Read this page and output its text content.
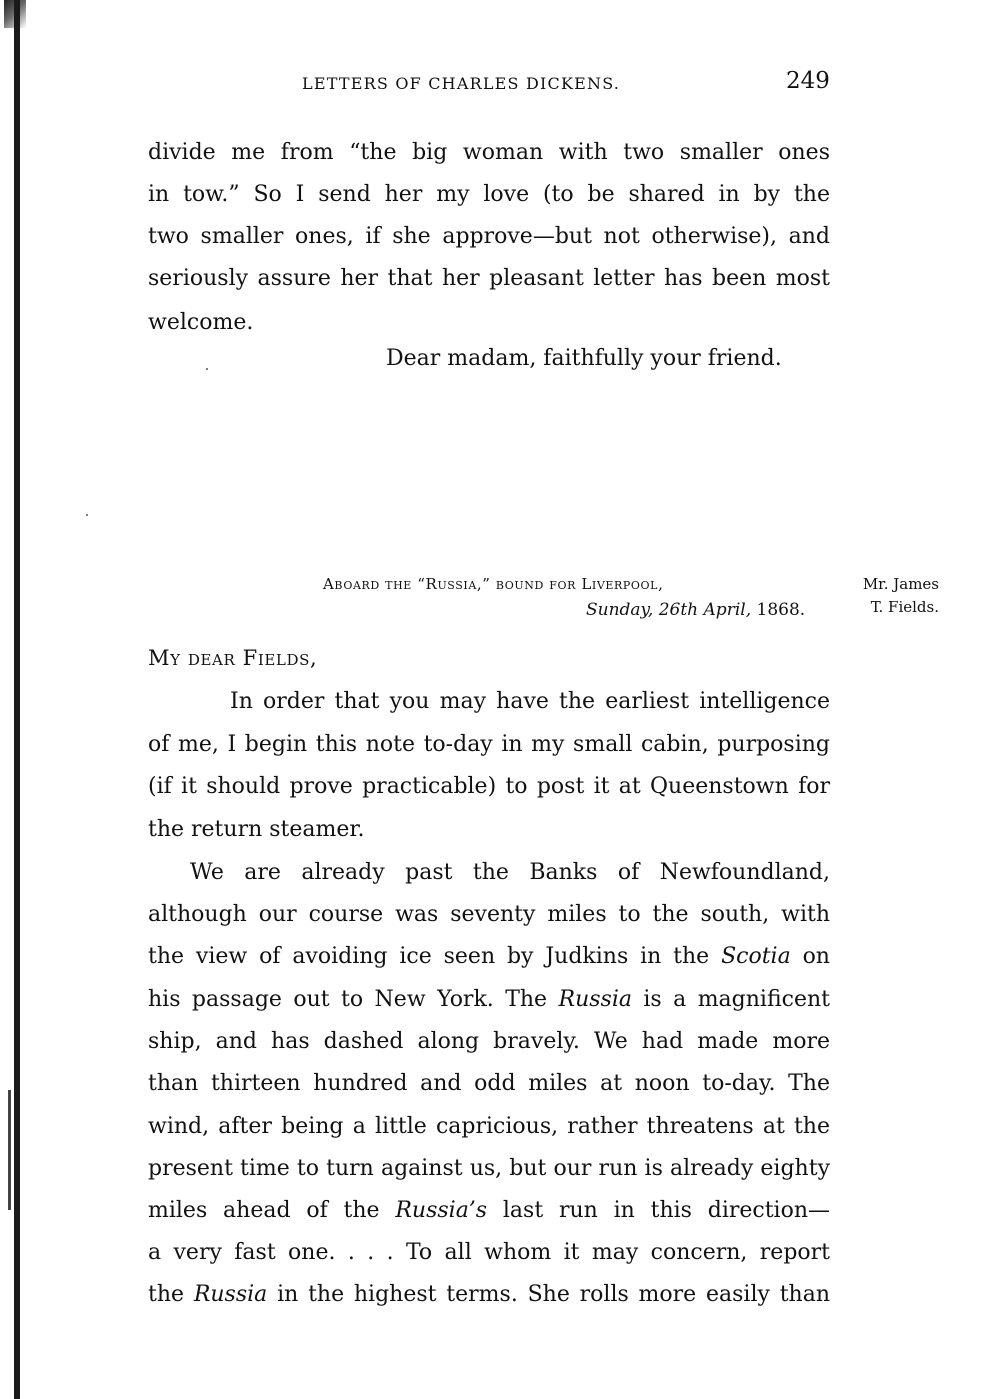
LETTERS OF CHARLES DICKENS.	249
divide me from “the big woman with two smaller ones
in tow.” So I send her my love (to be shared in by the
two smaller ones, if she approve—but not otherwise), and
seriously assure her that her pleasant letter has been most
welcome.
Dear madam, faithfully your friend.
Aboard the “Russia,” bound for Liverpool,
Sunday, 26th April, 1868.
Mr. James
T. Fields.
My dear Fields,
In order that you may have the earliest intelligence
of me, I begin this note to-day in my small cabin, purposing
(if it should prove practicable) to post it at Queenstown for
the return steamer.
We are already past the Banks of Newfoundland,
although our course was seventy miles to the south, with
the view of avoiding ice seen by Judkins in the Scotia on
his passage out to New York. The Russia is a magnificent
ship, and has dashed along bravely. We had made more
than thirteen hundred and odd miles at noon to-day. The
wind, after being a little capricious, rather threatens at the
present time to turn against us, but our run is already eighty
miles ahead of the Russia’s last run in this direction—
a very fast one. . . . To all whom it may concern, report
the Russia in the highest terms. She rolls more easily than
